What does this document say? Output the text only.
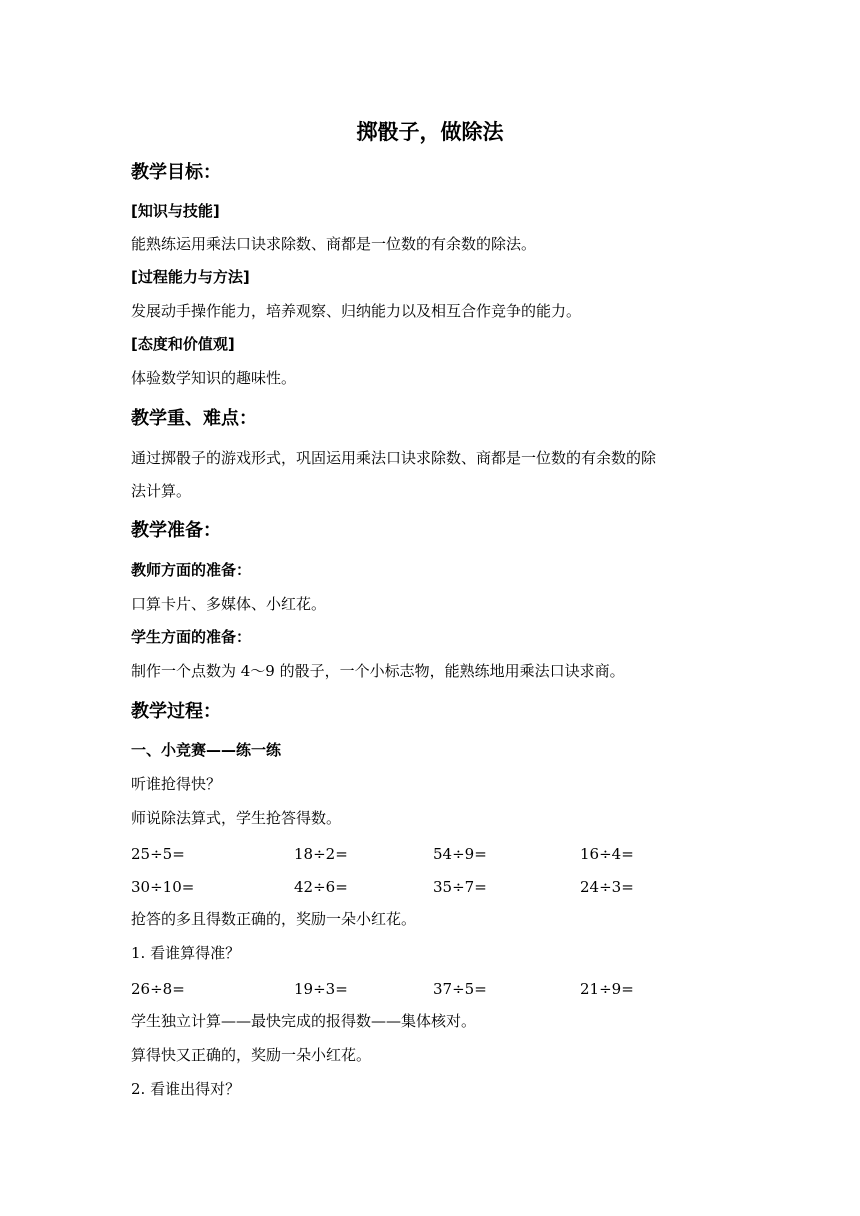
掷骰子，做除法
教学目标：
[知识与技能]
能熟练运用乘法口诀求除数、商都是一位数的有余数的除法。
[过程能力与方法]
发展动手操作能力，培养观察、归纳能力以及相互合作竞争的能力。
[态度和价值观]
体验数学知识的趣味性。
教学重、难点：
通过掷骰子的游戏形式，巩固运用乘法口诀求除数、商都是一位数的有余数的除
法计算。
教学准备：
教师方面的准备：
口算卡片、多媒体、小红花。
学生方面的准备：
制作一个点数为 4～9 的骰子，一个小标志物，能熟练地用乘法口诀求商。
教学过程：
一、小竞赛——练一练
听谁抢得快？
师说除法算式，学生抢答得数。
25÷5=	18÷2=	54÷9=	16÷4=
30÷10=	42÷6=	35÷7=	24÷3=
抢答的多且得数正确的，奖励一朵小红花。
1. 看谁算得准？
26÷8=	19÷3=	37÷5=	21÷9=
学生独立计算——最快完成的报得数——集体核对。
算得快又正确的，奖励一朵小红花。
2. 看谁出得对？
